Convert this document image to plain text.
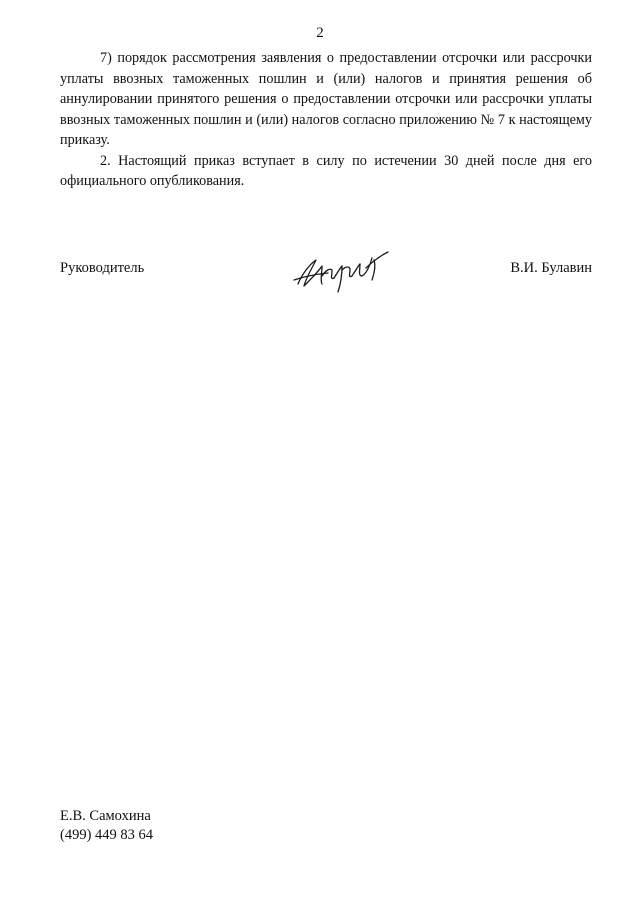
2

7) порядок рассмотрения заявления о предоставлении отсрочки или рассрочки уплаты ввозных таможенных пошлин и (или) налогов и принятия решения об аннулировании принятого решения о предоставлении отсрочки или рассрочки уплаты ввозных таможенных пошлин и (или) налогов согласно приложению № 7 к настоящему приказу.

2. Настоящий приказ вступает в силу по истечении 30 дней после дня его официального опубликования.

Руководитель	В.И. Булавин
Е.В. Самохина
(499) 449 83 64
